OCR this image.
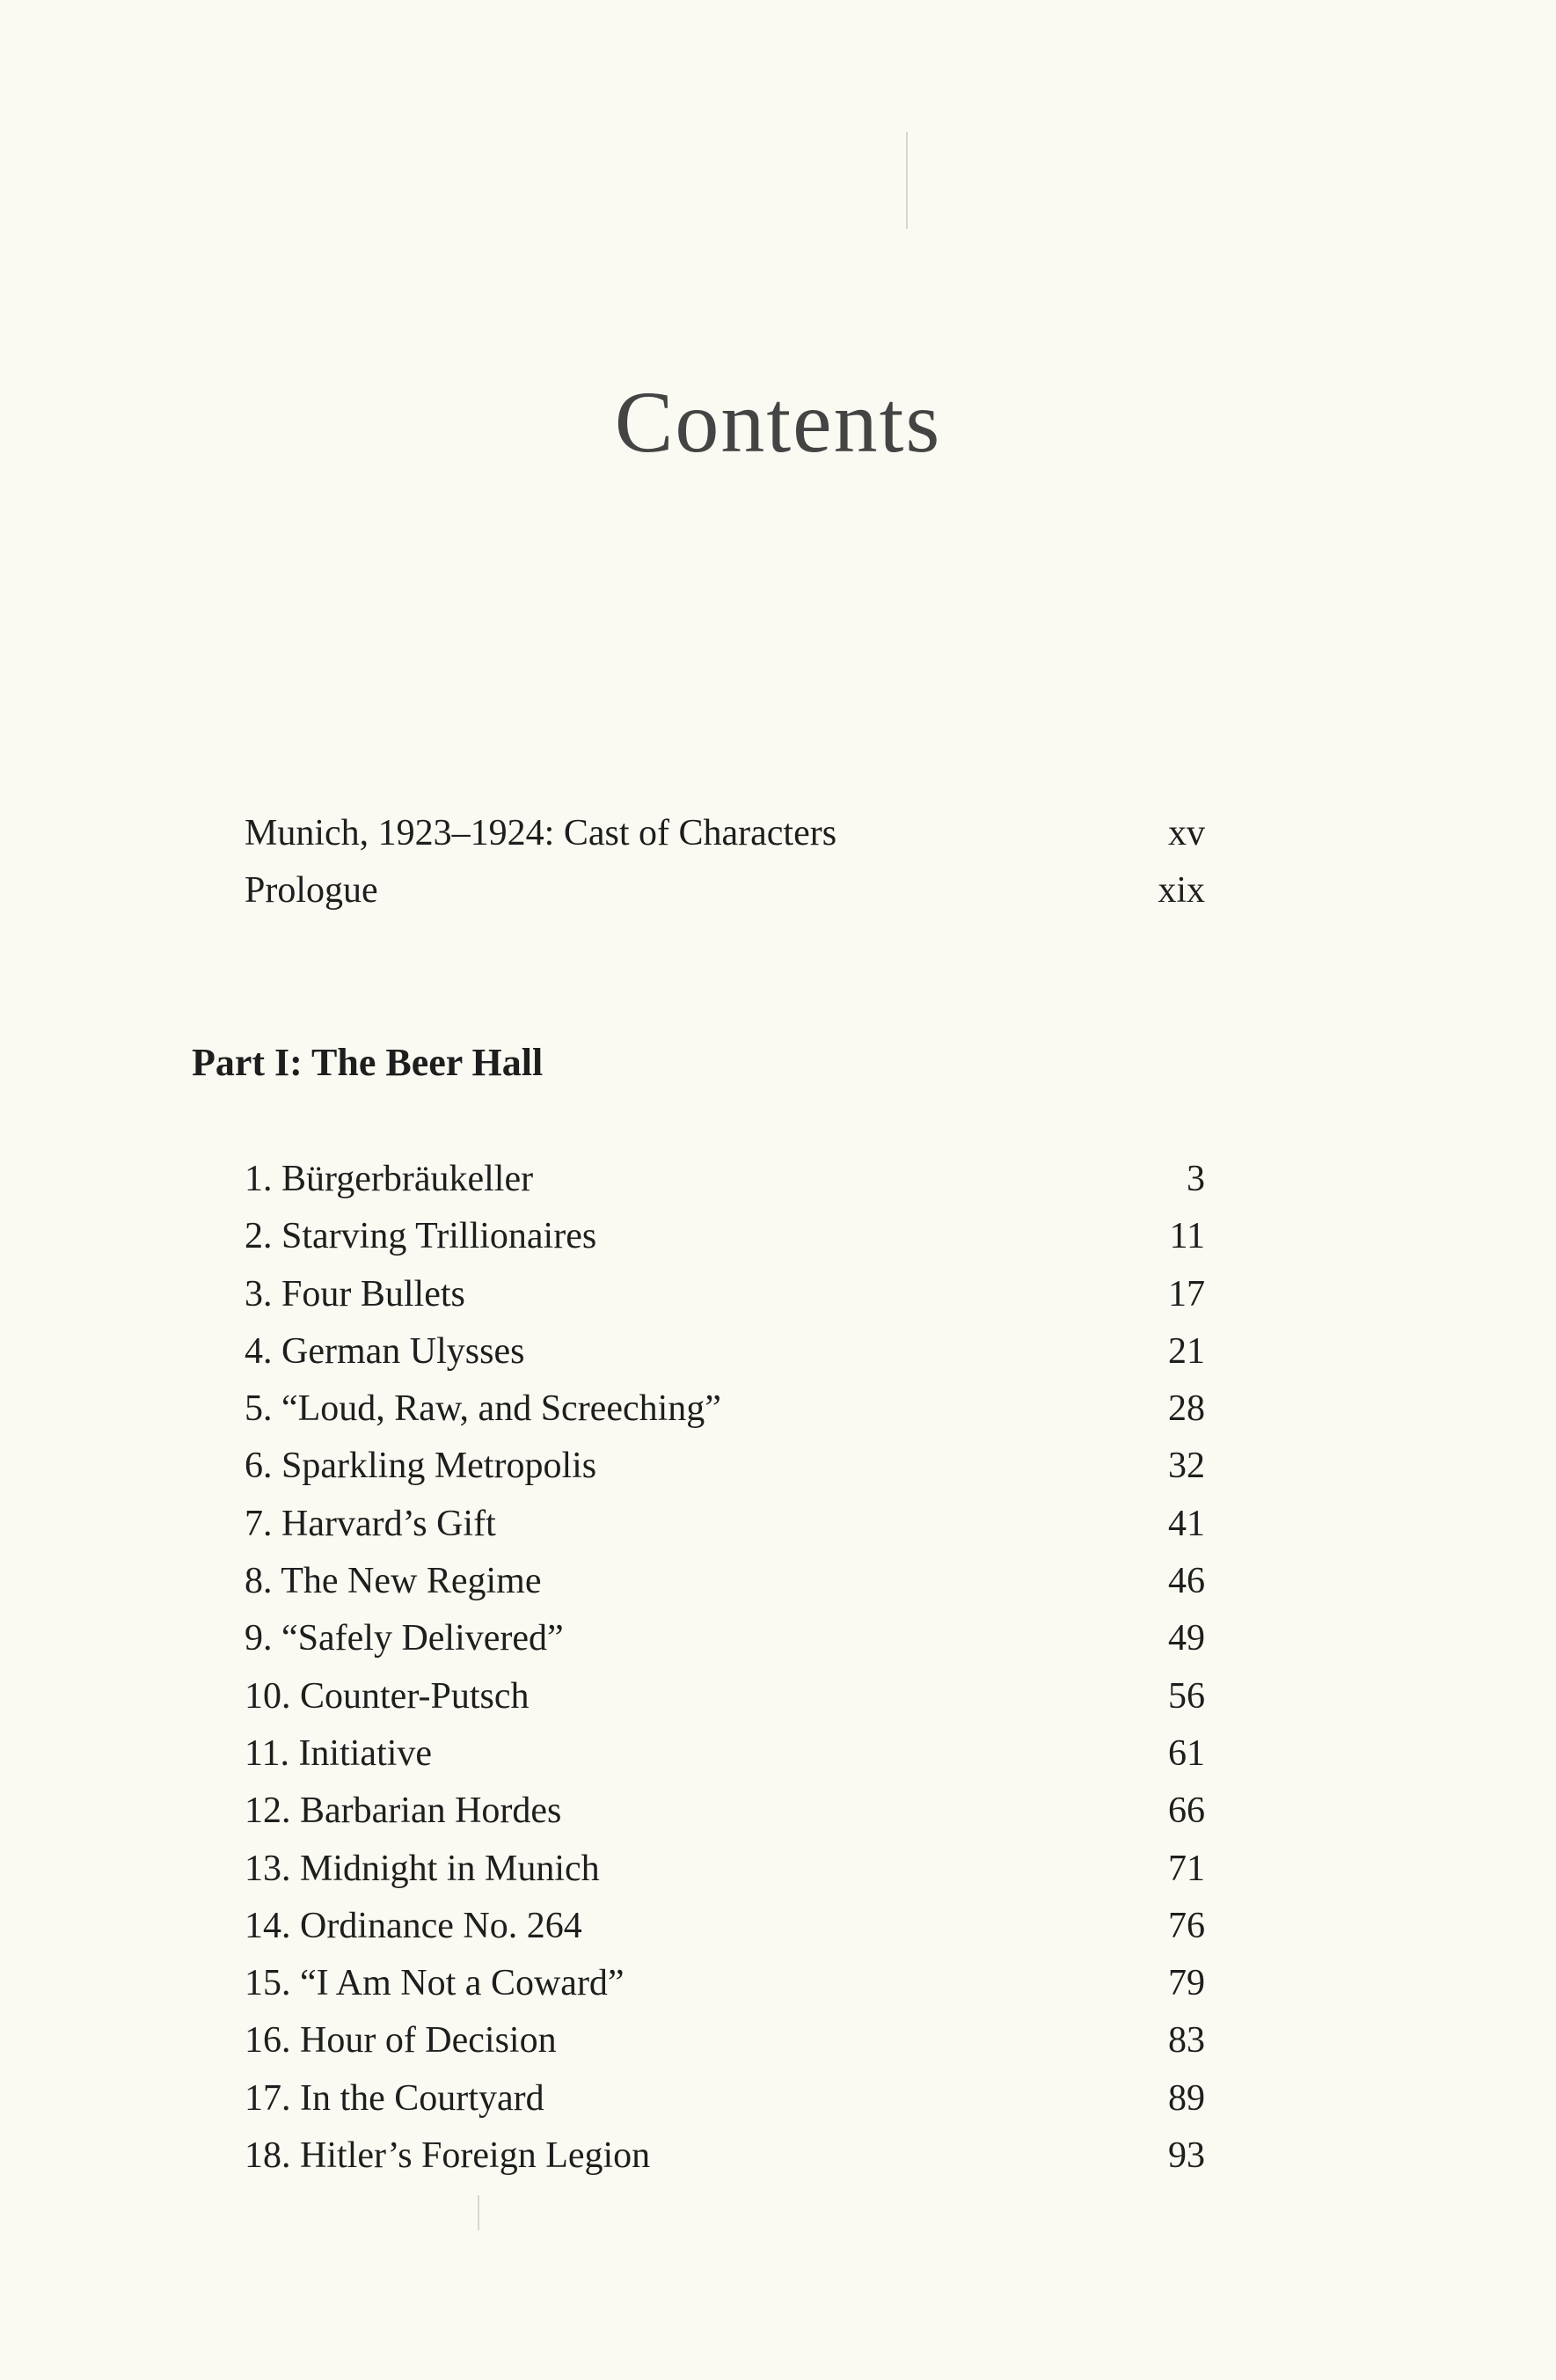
Contents
Munich, 1923–1924: Cast of Characters	xv
Prologue	xix
Part I: The Beer Hall
1. Bürgerbräukeller	3
2. Starving Trillionaires	11
3. Four Bullets	17
4. German Ulysses	21
5. “Loud, Raw, and Screeching”	28
6. Sparkling Metropolis	32
7. Harvard’s Gift	41
8. The New Regime	46
9. “Safely Delivered”	49
10. Counter-Putsch	56
11. Initiative	61
12. Barbarian Hordes	66
13. Midnight in Munich	71
14. Ordinance No. 264	76
15. “I Am Not a Coward”	79
16. Hour of Decision	83
17. In the Courtyard	89
18. Hitler’s Foreign Legion	93
